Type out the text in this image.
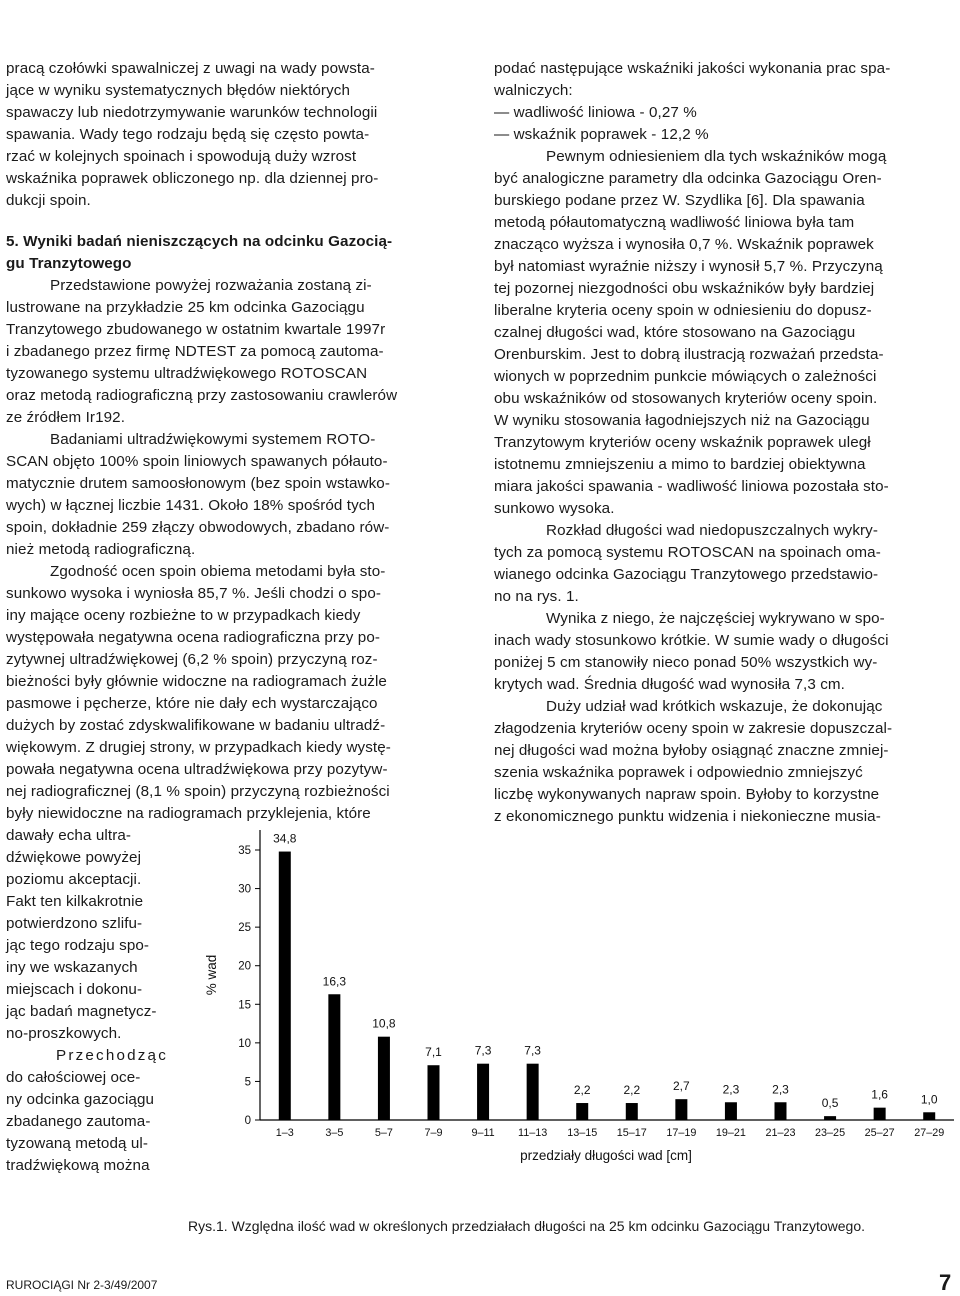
pracą czołówki spawalniczej z uwagi na wady powsta-

jące w wyniku systematycznych błędów niektórych

spawaczy lub niedotrzymywanie warunków technologii

spawania. Wady tego rodzaju będą się często powta-

rzać w kolejnych spoinach i spowodują duży wzrost

wskaźnika poprawek obliczonego np. dla dziennej pro-

dukcji spoin.

5. Wyniki badań nieniszczących na odcinku Gazocią-

gu Tranzytowego

Przedstawione powyżej rozważania zostaną zi-

lustrowane na przykładzie 25 km odcinka Gazociągu

Tranzytowego zbudowanego w ostatnim kwartale 1997r

i zbadanego przez firmę NDTEST za pomocą zautoma-

tyzowanego systemu ultradźwiękowego ROTOSCAN

oraz metodą radiograficzną przy zastosowaniu crawlerów

ze źródłem Ir192.

Badaniami ultradźwiękowymi systemem ROTO-

SCAN objęto 100% spoin liniowych spawanych półauto-

matycznie drutem samoosłonowym (bez spoin wstawko-

wych) w łącznej liczbie 1431. Około 18% spośród tych

spoin, dokładnie 259 złączy obwodowych, zbadano rów-

nież metodą radiograficzną.

Zgodność ocen spoin obiema metodami była sto-

sunkowo wysoka i wyniosła 85,7 %. Jeśli chodzi o spo-

iny mające oceny rozbieżne to w przypadkach kiedy

występowała negatywna ocena radiograficzna przy po-

zytywnej ultradźwiękowej (6,2 % spoin) przyczyną roz-

bieżności były głównie widoczne na radiogramach żużle

pasmowe i pęcherze, które nie dały ech wystarczająco

dużych by zostać zdyskwalifikowane w badaniu ultradź-

więkowym. Z drugiej strony, w przypadkach kiedy wystę-

powała negatywna ocena ultradźwiękowa przy pozytyw-

nej radiograficznej (8,1 % spoin) przyczyną rozbieżności

były niewidoczne na radiogramach przyklejenia, które

dawały echa ultra-

dźwiękowe powyżej

poziomu akceptacji.

Fakt ten kilkakrotnie

potwierdzono szlifu-

jąc tego rodzaju spo-

iny we wskazanych

miejscach i dokonu-

jąc badań magnetycz-

no-proszkowych.

Przechodząc

do całościowej oce-

ny odcinka gazociągu

zbadanego zautoma-

tyzowaną metodą ul-

tradźwiękową można

podać następujące wskaźniki jakości wykonania prac spa-

walniczych:

— wadliwość liniowa - 0,27 %

— wskaźnik poprawek - 12,2 %

Pewnym odniesieniem dla tych wskaźników mogą

być analogiczne parametry dla odcinka Gazociągu Oren-

burskiego podane przez W. Szydlika [6]. Dla spawania

metodą półautomatyczną wadliwość liniowa była tam

znacząco wyższa i wynosiła 0,7 %. Wskaźnik poprawek

był natomiast wyraźnie niższy i wynosił 5,7 %. Przyczyną

tej pozornej niezgodności obu wskaźników były bardziej

liberalne kryteria oceny spoin w odniesieniu do dopusz-

czalnej długości wad, które stosowano na Gazociągu

Orenburskim. Jest to dobrą ilustracją rozważań przedsta-

wionych w poprzednim punkcie mówiących o zależności

obu wskaźników od stosowanych kryteriów oceny spoin.

W wyniku stosowania łagodniejszych niż na Gazociągu

Tranzytowym kryteriów oceny wskaźnik poprawek uległ

istotnemu zmniejszeniu a mimo to bardziej obiektywna

miara jakości spawania - wadliwość liniowa pozostała sto-

sunkowo wysoka.

Rozkład długości wad niedopuszczalnych wykry-

tych za pomocą systemu ROTOSCAN na spoinach oma-

wianego odcinka Gazociągu Tranzytowego przedstawio-

no na rys. 1.

Wynika z niego, że najczęściej wykrywano w spo-

inach wady stosunkowo krótkie. W sumie wady o długości

poniżej 5 cm stanowiły nieco ponad 50% wszystkich wy-

krytych wad. Średnia długość wad wynosiła 7,3 cm.

Duży udział wad krótkich wskazuje, że dokonując

złagodzenia kryteriów oceny spoin w zakresie dopuszczal-

nej długości wad można byłoby osiągnąć znaczne zmniej-

szenia wskaźnika poprawek i odpowiednio zmniejszyć

liczbę wykonywanych napraw spoin. Byłoby to korzystne

z ekonomicznego punktu widzenia i niekonieczne musia-

0
5
10
15
20
25
30
35
34,8
1–3
16,3
3–5
10,8
5–7
7,1
7–9
7,3
9–11
7,3
11–13
2,2
13–15
2,2
15–17
2,7
17–19
2,3
19–21
2,3
21–23
0,5
23–25
1,6
25–27
1,0
27–29
% wad
przedziały długości wad [cm]

Rys.1. Względna ilość wad w określonych przedziałach długości na 25 km odcinku Gazociągu Tranzytowego.

RUROCIĄGI Nr 2-3/49/2007	7
